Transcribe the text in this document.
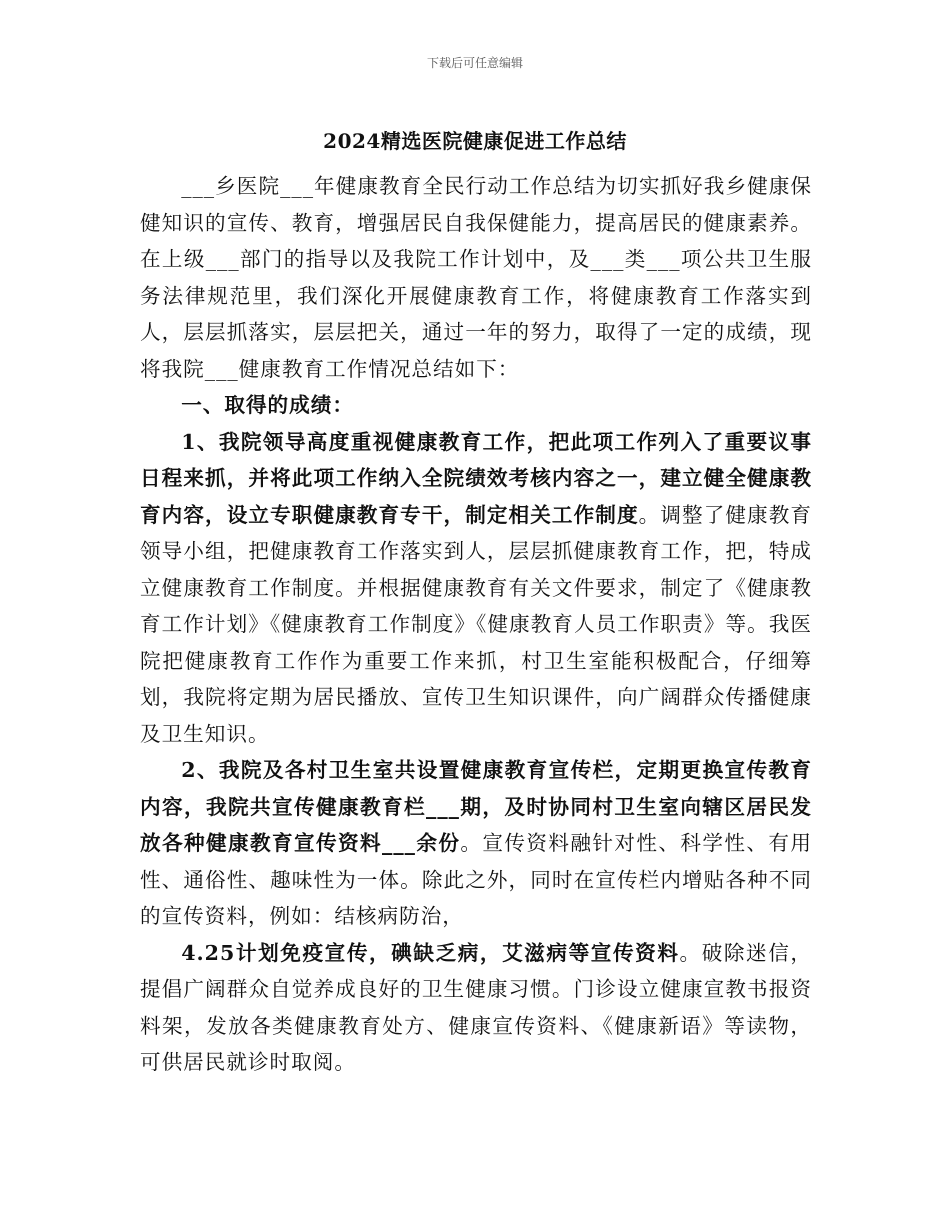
下载后可任意编辑
2024精选医院健康促进工作总结

___乡医院___年健康教育全民行动工作总结为切实抓好我乡健康保健知识的宣传、教育，增强居民自我保健能力，提高居民的健康素养。在上级___部门的指导以及我院工作计划中，及___类___项公共卫生服务法律规范里，我们深化开展健康教育工作，将健康教育工作落实到人，层层抓落实，层层把关，通过一年的努力，取得了一定的成绩，现将我院___健康教育工作情况总结如下：

一、取得的成绩：

1、我院领导高度重视健康教育工作，把此项工作列入了重要议事日程来抓，并将此项工作纳入全院绩效考核内容之一，建立健全健康教育内容，设立专职健康教育专干，制定相关工作制度。调整了健康教育领导小组，把健康教育工作落实到人，层层抓健康教育工作，把，特成立健康教育工作制度。并根据健康教育有关文件要求，制定了《健康教育工作计划》《健康教育工作制度》《健康教育人员工作职责》等。我医院把健康教育工作作为重要工作来抓，村卫生室能积极配合，仔细筹划，我院将定期为居民播放、宣传卫生知识课件，向广阔群众传播健康及卫生知识。

2、我院及各村卫生室共设置健康教育宣传栏，定期更换宣传教育内容，我院共宣传健康教育栏___期，及时协同村卫生室向辖区居民发放各种健康教育宣传资料___余份。宣传资料融针对性、科学性、有用性、通俗性、趣味性为一体。除此之外，同时在宣传栏内增贴各种不同的宣传资料，例如：结核病防治，

4.25计划免疫宣传，碘缺乏病，艾滋病等宣传资料。破除迷信，提倡广阔群众自觉养成良好的卫生健康习惯。门诊设立健康宣教书报资料架，发放各类健康教育处方、健康宣传资料、《健康新语》等读物，可供居民就诊时取阅。
